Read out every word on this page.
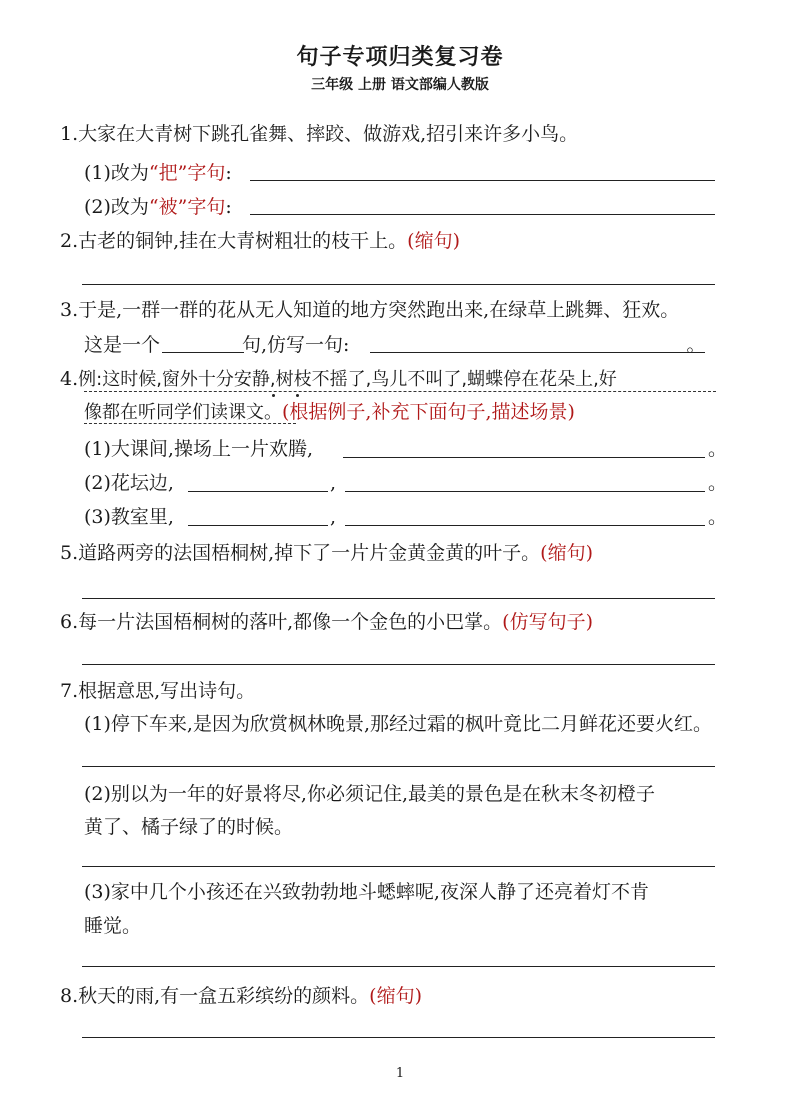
句子专项归类复习卷
三年级 上册 语文部编人教版
1.大家在大青树下跳孔雀舞、摔跤、做游戏,招引来许多小鸟。
(1)改为“把”字句:
(2)改为“被”字句:
2.古老的铜钟,挂在大青树粗壮的枝干上。(缩句)
3.于是,一群一群的花从无人知道的地方突然跑出来,在绿草上跳舞、狂欢。
这是一个	句,仿写一句:	。
4.例:这时候,窗外十分安静,树枝不摇了,鸟儿不叫了,蝴蝶停在花朵上,好
像都在听同学们读课文。(根据例子,补充下面句子,描述场景)
(1)大课间,操场上一片欢腾,	。
(2)花坛边,	,	。
(3)教室里,	,	。
5.道路两旁的法国梧桐树,掉下了一片片金黄金黄的叶子。(缩句)
6.每一片法国梧桐树的落叶,都像一个金色的小巴掌。(仿写句子)
7.根据意思,写出诗句。
(1)停下车来,是因为欣赏枫林晚景,那经过霜的枫叶竟比二月鲜花还要火红。
(2)别以为一年的好景将尽,你必须记住,最美的景色是在秋末冬初橙子
黄了、橘子绿了的时候。
(3)家中几个小孩还在兴致勃勃地斗蟋蟀呢,夜深人静了还亮着灯不肯
睡觉。
8.秋天的雨,有一盒五彩缤纷的颜料。(缩句)
1
